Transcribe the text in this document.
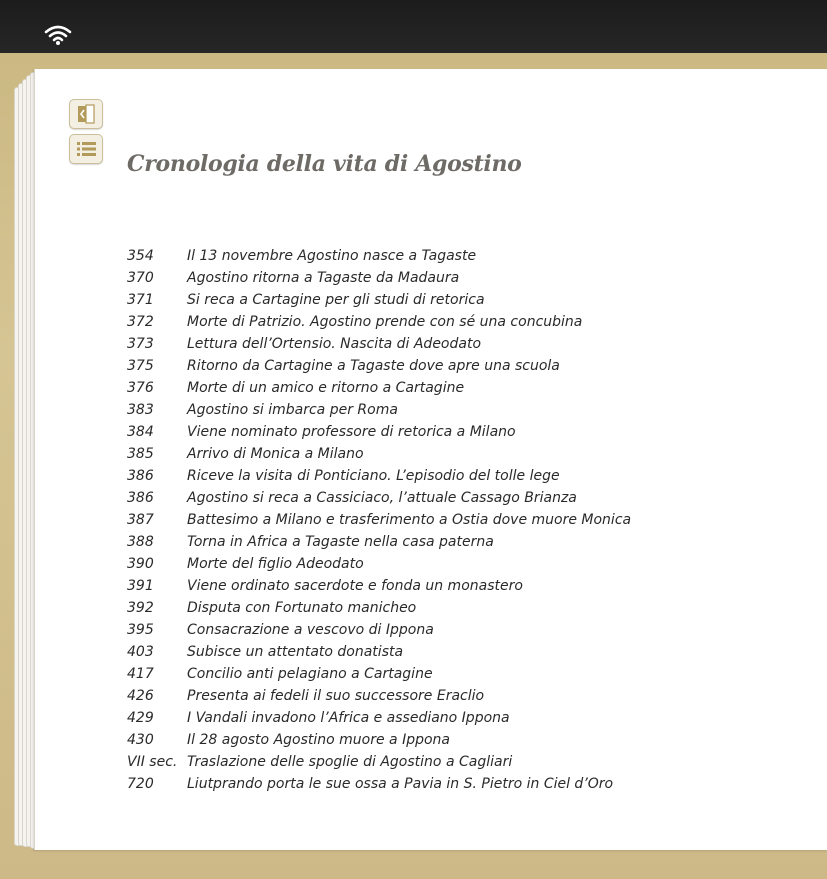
Cronologia della vita di Agostino
354 Il 13 novembre Agostino nasce a Tagaste
370 Agostino ritorna a Tagaste da Madaura
371 Si reca a Cartagine per gli studi di retorica
372 Morte di Patrizio. Agostino prende con sé una concubina
373 Lettura dell’Ortensio. Nascita di Adeodato
375 Ritorno da Cartagine a Tagaste dove apre una scuola
376 Morte di un amico e ritorno a Cartagine
383 Agostino si imbarca per Roma
384 Viene nominato professore di retorica a Milano
385 Arrivo di Monica a Milano
386 Riceve la visita di Ponticiano. L’episodio del tolle lege
386 Agostino si reca a Cassiciaco, l’attuale Cassago Brianza
387 Battesimo a Milano e trasferimento a Ostia dove muore Monica
388 Torna in Africa a Tagaste nella casa paterna
390 Morte del figlio Adeodato
391 Viene ordinato sacerdote e fonda un monastero
392 Disputa con Fortunato manicheo
395 Consacrazione a vescovo di Ippona
403 Subisce un attentato donatista
417 Concilio anti pelagiano a Cartagine
426 Presenta ai fedeli il suo successore Eraclio
429 I Vandali invadono l’Africa e assediano Ippona
430 Il 28 agosto Agostino muore a Ippona
VII sec. Traslazione delle spoglie di Agostino a Cagliari
720 Liutprando porta le sue ossa a Pavia in S. Pietro in Ciel d’Oro
